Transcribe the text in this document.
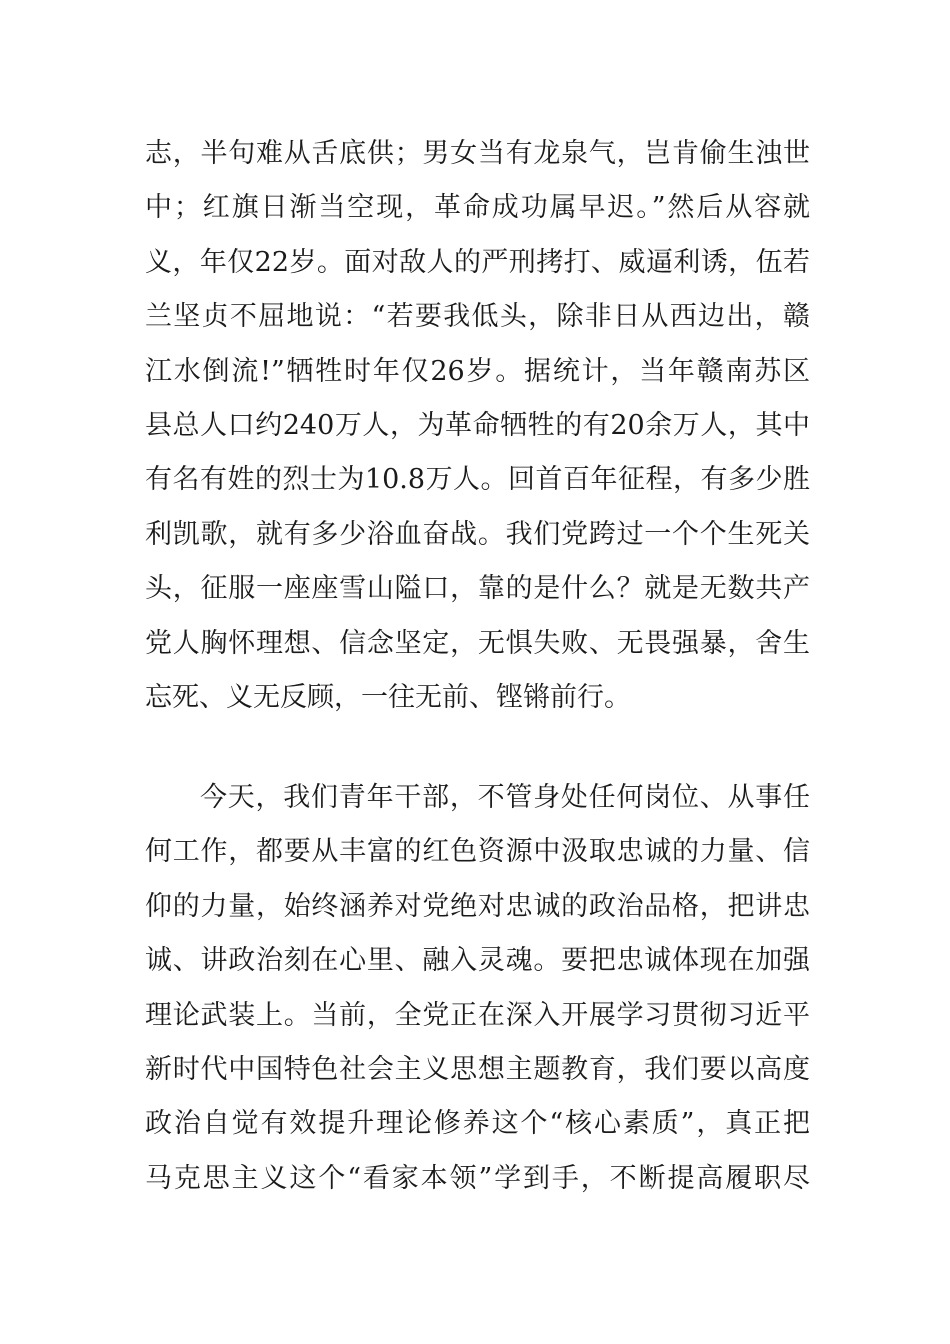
志，半句难从舌底供；男女当有龙泉气，岂肯偷生浊世
中；红旗日渐当空现，革命成功属早迟。”然后从容就
义，年仅22岁。面对敌人的严刑拷打、威逼利诱，伍若
兰坚贞不屈地说：“若要我低头，除非日从西边出，赣
江水倒流!”牺牲时年仅26岁。据统计，当年赣南苏区
县总人口约240万人，为革命牺牲的有20余万人，其中
有名有姓的烈士为10.8万人。回首百年征程，有多少胜
利凯歌，就有多少浴血奋战。我们党跨过一个个生死关
头，征服一座座雪山隘口，靠的是什么？就是无数共产
党人胸怀理想、信念坚定，无惧失败、无畏强暴，舍生
忘死、义无反顾，一往无前、铿锵前行。
今天，我们青年干部，不管身处任何岗位、从事任
何工作，都要从丰富的红色资源中汲取忠诚的力量、信
仰的力量，始终涵养对党绝对忠诚的政治品格，把讲忠
诚、讲政治刻在心里、融入灵魂。要把忠诚体现在加强
理论武装上。当前，全党正在深入开展学习贯彻习近平
新时代中国特色社会主义思想主题教育，我们要以高度
政治自觉有效提升理论修养这个“核心素质”，真正把
马克思主义这个“看家本领”学到手，不断提高履职尽
